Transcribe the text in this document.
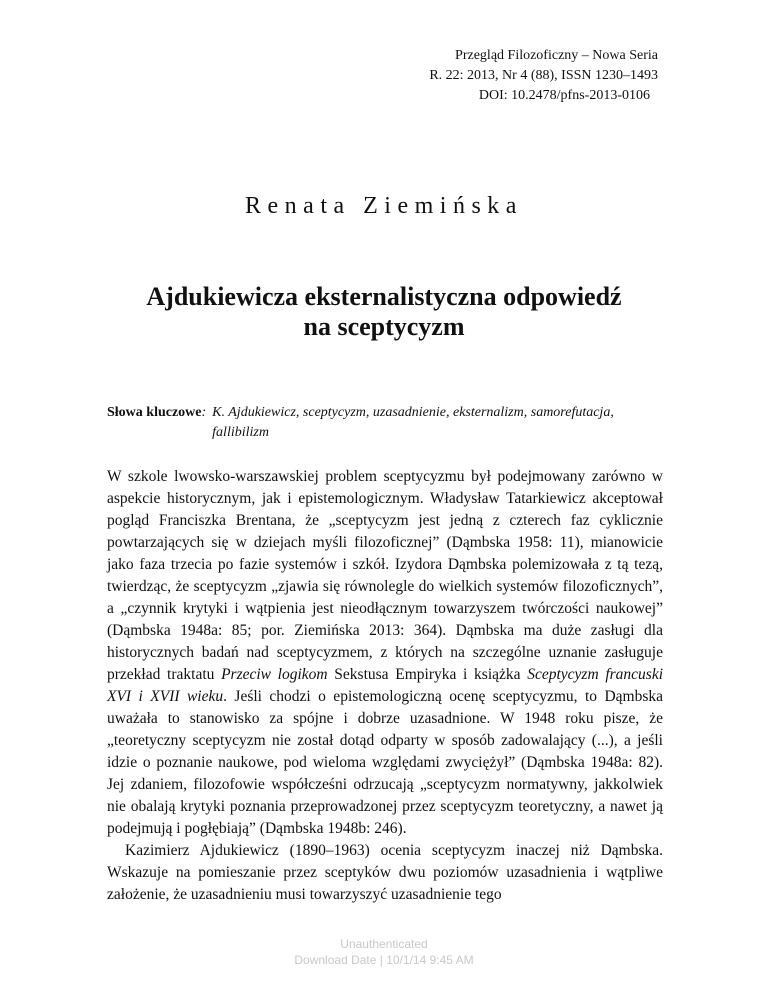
Przegląd Filozoficzny – Nowa Seria
R. 22: 2013, Nr 4 (88), ISSN 1230–1493
DOI: 10.2478/pfns-2013-0106
Renata Ziemińska
Ajdukiewicza eksternalistyczna odpowiedź
na sceptycyzm
Słowa kluczowe : K. Ajdukiewicz, sceptycyzm, uzasadnienie, eksternalizm, samorefutacja, fallibilizm

W szkole lwowsko-warszawskiej problem sceptycyzmu był podejmowany zarówno w aspekcie historycznym, jak i epistemologicznym. Władysław Tatarkiewicz akceptował pogląd Franciszka Brentana, że „sceptycyzm jest jedną z czterech faz cyklicznie powtarzających się w dziejach myśli filozoficznej” (Dąmbska 1958: 11), mianowicie jako faza trzecia po fazie systemów i szkół. Izydora Dąmbska polemizowała z tą tezą, twierdząc, że sceptycyzm „zjawia się równolegle do wielkich systemów filozoficznych”, a „czynnik krytyki i wątpienia jest nieodłącznym towarzyszem twórczości naukowej” (Dąmbska 1948a: 85; por. Ziemińska 2013: 364). Dąmbska ma duże zasługi dla historycznych badań nad sceptycyzmem, z których na szczególne uznanie zasługuje przekład traktatu Przeciw logikom Sekstusa Empiryka i książka Sceptycyzm francuski XVI i XVII wieku. Jeśli chodzi o epistemologiczną ocenę sceptycyzmu, to Dąmbska uważała to stanowisko za spójne i dobrze uzasadnione. W 1948 roku pisze, że „teoretyczny sceptycyzm nie został dotąd odparty w sposób zadowalający (...), a jeśli idzie o poznanie naukowe, pod wieloma względami zwyciężył” (Dąmbska 1948a: 82). Jej zdaniem, filozofowie współcześni odrzucają „sceptycyzm normatywny, jakkolwiek nie obalają krytyki poznania przeprowadzonej przez sceptycyzm teoretyczny, a nawet ją podejmują i pogłębiają” (Dąmbska 1948b: 246).

Kazimierz Ajdukiewicz (1890–1963) ocenia sceptycyzm inaczej niż Dąmbska. Wskazuje na pomieszanie przez sceptyków dwu poziomów uzasadnienia i wątpliwe założenie, że uzasadnieniu musi towarzyszyć uzasadnienie tego

Unauthenticated
Download Date | 10/1/14 9:45 AM
